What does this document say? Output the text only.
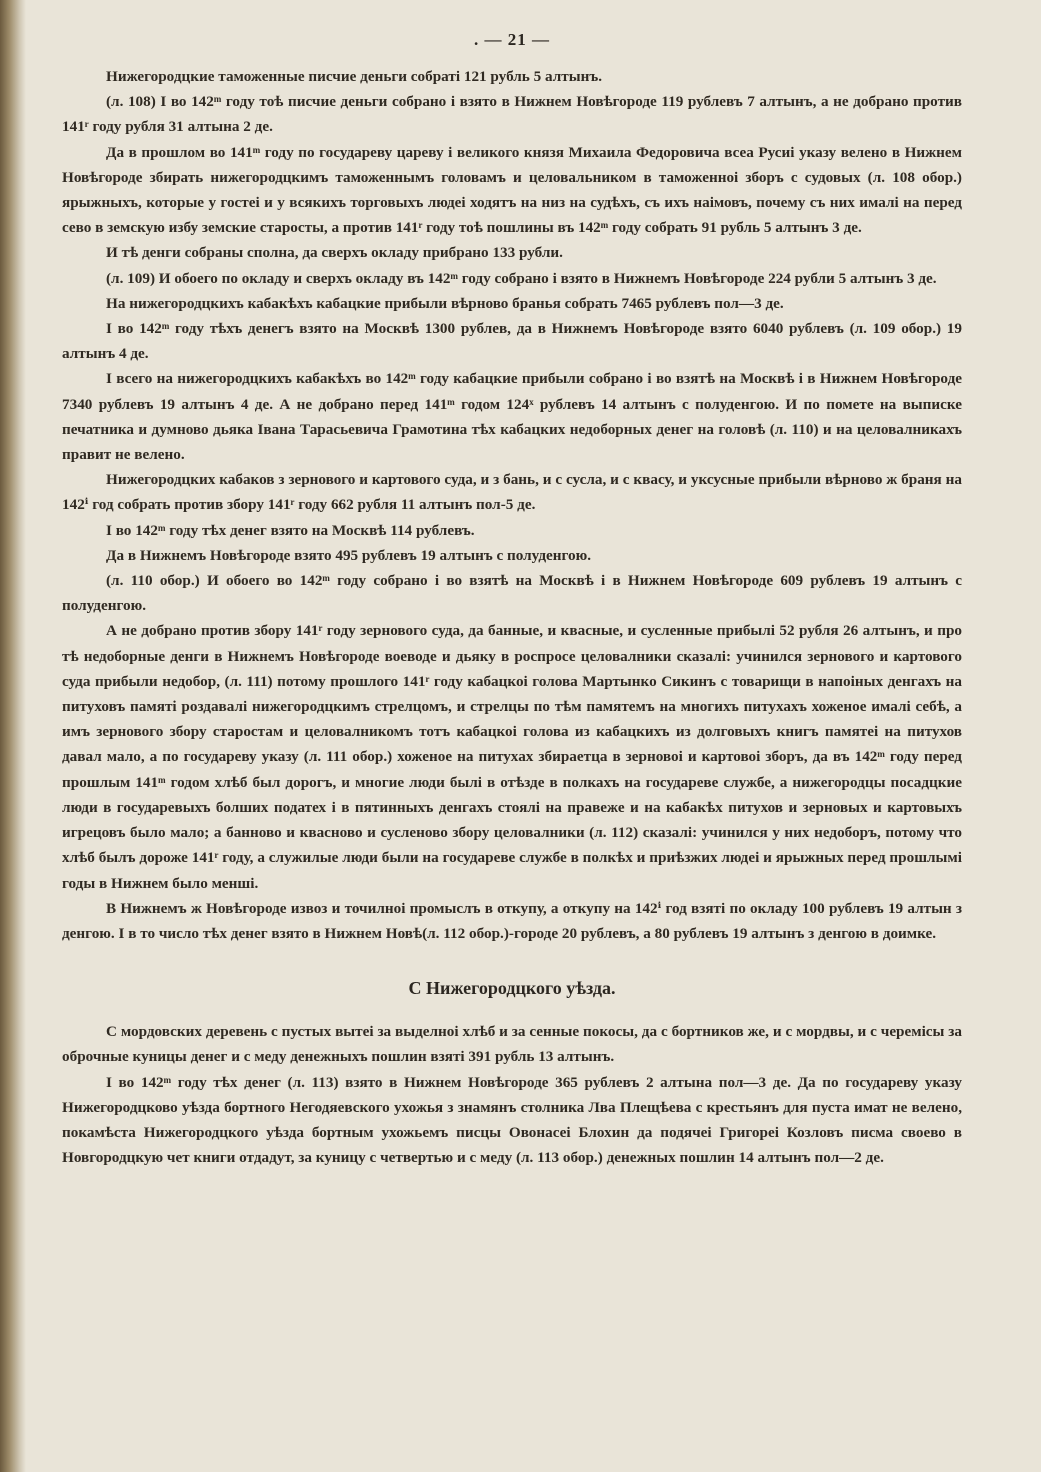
. — 21 —

Нижегородцкие таможенные писчие деньги собраті 121 рубль 5 алтынъ.

(л. 108) І во 142ᵐ году тоѣ писчие деньги собрано і взято в Нижнем Новѣгороде 119 рублевъ 7 алтынъ, а не добрано против 141ʳ году рубля 31 алтына 2 де.

Да в прошлом во 141ᵐ году по государеву цареву і великого князя Михаила Федоровича всеа Русиі указу велено в Нижнем Новѣгороде збирать нижегородцкимъ таможеннымъ головамъ и целовальником в таможенноі зборъ с судовых (л. 108 обор.) ярыжныхъ, которые у гостеі и у всякихъ торговыхъ людеі ходятъ на низ на судѣхъ, съ ихъ наімовъ, почему съ них ималі на перед сево в земскую избу земские старосты, а против 141ʳ году тоѣ пошлины въ 142ᵐ году собрать 91 рубль 5 алтынъ 3 де.

И тѣ денги собраны сполна, да сверхъ окладу прибрано 133 рубли.

(л. 109) И обоего по окладу и сверхъ окладу въ 142ᵐ году собрано і взято в Нижнемъ Новѣгороде 224 рубли 5 алтынъ 3 де.

На нижегородцкихъ кабакѣхъ кабацкие прибыли вѣрново бранья собрать 7465 рублевъ пол—3 де.

І во 142ᵐ году тѣхъ денегъ взято на Москвѣ 1300 рублев, да в Нижнемъ Новѣгороде взято 6040 рублевъ (л. 109 обор.) 19 алтынъ 4 де.

І всего на нижегородцкихъ кабакѣхъ во 142ᵐ году кабацкие прибыли собрано і во взятѣ на Москвѣ і в Нижнем Новѣгороде 7340 рублевъ 19 алтынъ 4 де. А не добрано перед 141ᵐ годом 124ˣ рублевъ 14 алтынъ с полуденгою. И по помете на выписке печатника и думново дьяка Івана Тарасьевича Грамотина тѣх кабацких недоборных денег на головѣ (л. 110) и на целовалникахъ правит не велено.

Нижегородцких кабаков з зернового и картового суда, и з бань, и с сусла, и с квасу, и уксусные прибыли вѣрново ж браня на 142ⁱ год собрать против збору 141ʳ году 662 рубля 11 алтынъ пол-5 де.

І во 142ᵐ году тѣх денег взято на Москвѣ 114 рублевъ.

Да в Нижнемъ Новѣгороде взято 495 рублевъ 19 алтынъ с полуденгою.

(л. 110 обор.) И обоего во 142ᵐ году собрано і во взятѣ на Москвѣ і в Нижнем Новѣгороде 609 рублевъ 19 алтынъ с полуденгою.

А не добрано против збору 141ʳ году зернового суда, да банные, и квасные, и сусленные прибылі 52 рубля 26 алтынъ, и про тѣ недоборные денги в Нижнемъ Новѣгороде воеводе и дьяку в роспросе целовалники сказалі: учинился зернового и картового суда прибыли недобор, (л. 111) потому прошлого 141ʳ году кабацкоі голова Мартынко Сикинъ с товарищи в напоіных денгахъ на питуховъ памятi роздавалі нижегородцкимъ стрелцомъ, и стрелцы по тѣм памятемъ на многихъ питухахъ хоженое ималі себѣ, а имъ зернового збору старостам и целовалникомъ тотъ кабацкоі голова из кабацкихъ из долговыхъ книгъ памятеі на питухов давал мало, а по государеву указу (л. 111 обор.) хоженое на питухах збираетца в зерновоі и картовоі зборъ, да въ 142ᵐ году перед прошлым 141ᵐ годом хлѣб был дорогъ, и многие люди былі в отѣзде в полкахъ на государеве службе, а нижегородцы посадцкие люди в государевыхъ болших податех і в пятинныхъ денгахъ стоялі на правеже и на кабакѣх питухов и зерновых и картовыхъ игрецовъ было мало; а банново и квасново и сусленово збору целовалники (л. 112) сказалі: учинился у них недоборъ, потому что хлѣб былъ дороже 141ʳ году, а служилые люди были на государеве службе в полкѣх и приѣзжих людеі и ярыжных перед прошлымі годы в Нижнем было менші.

В Нижнемъ ж Новѣгороде извоз и точилноі промыслъ в откупу, а откупу на 142ⁱ год взяті по окладу 100 рублевъ 19 алтын з денгою. І в то число тѣх денег взято в Нижнем Новѣ(л. 112 обор.)-городе 20 рублевъ, а 80 рублевъ 19 алтынъ з денгою в доимке.

С Нижегородцкого уѣзда.

С мордовских деревень с пустых вытеі за выделноі хлѣб и за сенные покосы, да с бортников же, и с мордвы, и с черемісы за оброчные куницы денег и с меду денежныхъ пошлин взяті 391 рубль 13 алтынъ.

І во 142ᵐ году тѣх денег (л. 113) взято в Нижнем Новѣгороде 365 рублевъ 2 алтына пол—3 де. Да по государеву указу Нижегородцково уѣзда бортного Негодяевского ухожья з знамянъ столника Лва Плещѣева с крестьянъ для пуста имат не велено, покамѣста Нижегородцкого уѣзда бортным ухожьемъ писцы Овонасеі Блохин да подячеі Григореі Козловъ писма своево в Новгородцкую чет книги отдадут, за куницу с четвертью и с меду (л. 113 обор.) денежных пошлин 14 алтынъ пол—2 де.
